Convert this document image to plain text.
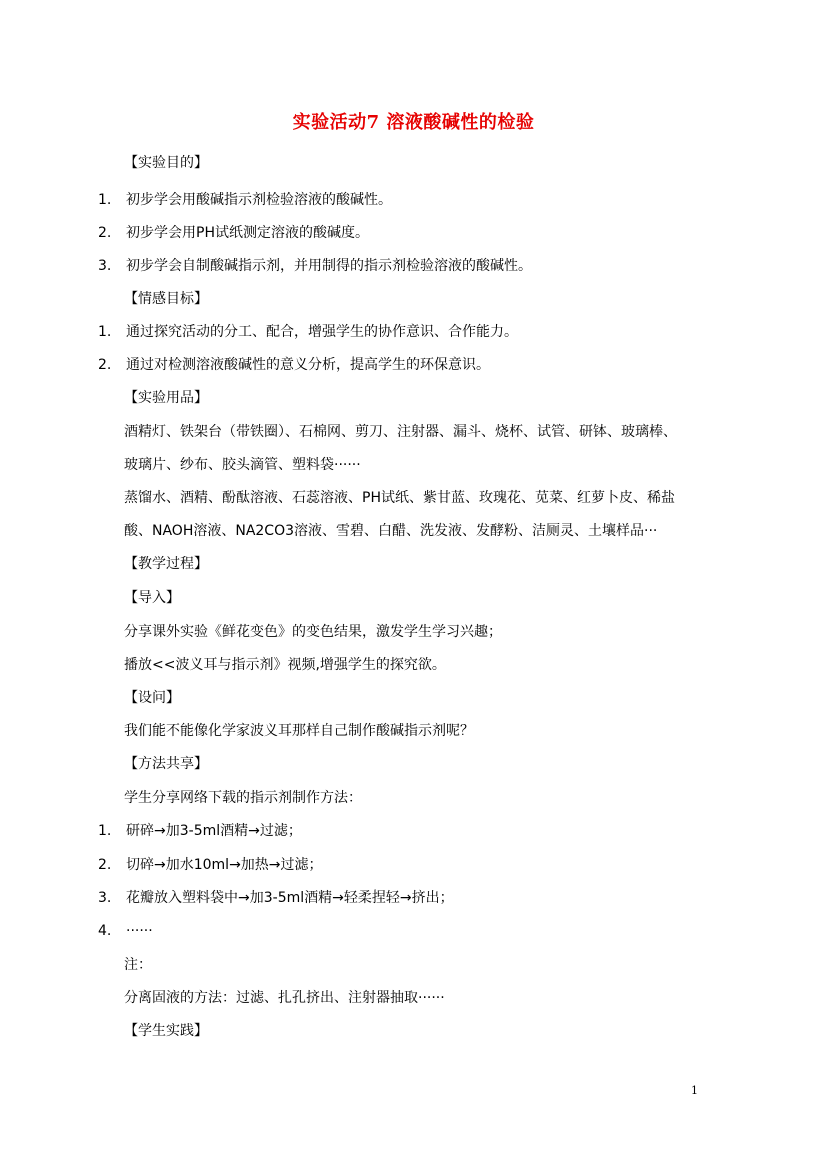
实验活动7 溶液酸碱性的检验
【实验目的】
1. 初步学会用酸碱指示剂检验溶液的酸碱性。
2. 初步学会用PH试纸测定溶液的酸碱度。
3. 初步学会自制酸碱指示剂，并用制得的指示剂检验溶液的酸碱性。
【情感目标】
1. 通过探究活动的分工、配合，增强学生的协作意识、合作能力。
2. 通过对检测溶液酸碱性的意义分析，提高学生的环保意识。
【实验用品】
酒精灯、铁架台（带铁圈）、石棉网、剪刀、注射器、漏斗、烧杯、试管、研钵、玻璃棒、
玻璃片、纱布、胶头滴管、塑料袋······
蒸馏水、酒精、酚酞溶液、石蕊溶液、PH试纸、紫甘蓝、玫瑰花、苋菜、红萝卜皮、稀盐
酸、NAOH溶液、NA2CO3溶液、雪碧、白醋、洗发液、发酵粉、洁厕灵、土壤样品···
【教学过程】
【导入】
分享课外实验《鲜花变色》的变色结果，激发学生学习兴趣；
播放<<波义耳与指示剂》视频,增强学生的探究欲。
【设问】
我们能不能像化学家波义耳那样自己制作酸碱指示剂呢？
【方法共享】
学生分享网络下载的指示剂制作方法：
1. 研碎→加3-5ml酒精→过滤；
2. 切碎→加水10ml→加热→过滤；
3. 花瓣放入塑料袋中→加3-5ml酒精→轻柔捏轻→挤出；
4. ······
注：
分离固液的方法：过滤、扎孔挤出、注射器抽取······
【学生实践】
1
